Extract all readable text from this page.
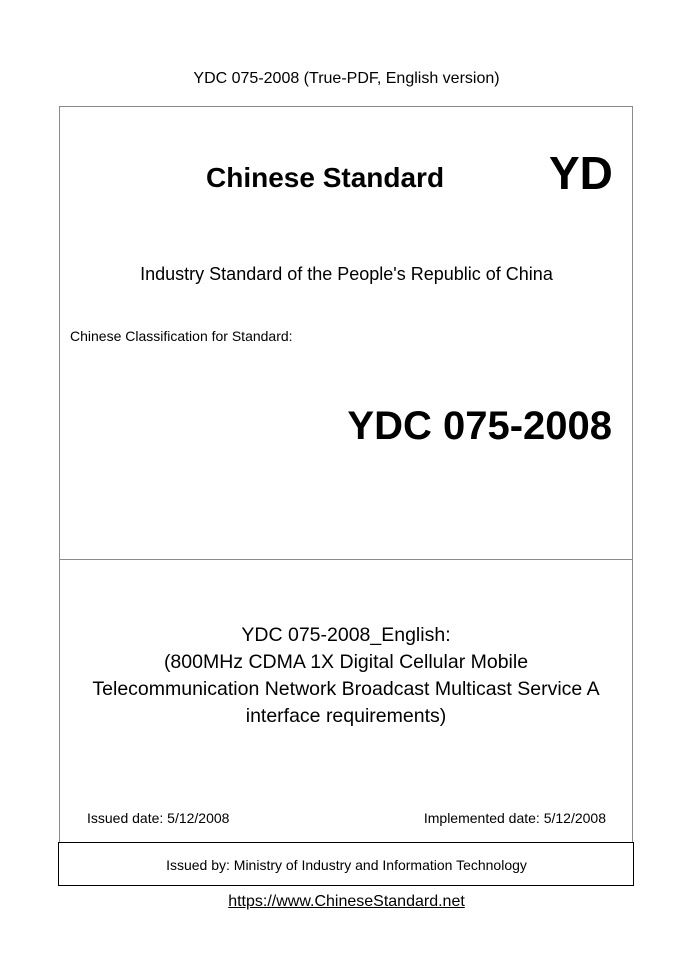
YDC 075-2008 (True-PDF, English version)
Chinese Standard YD
Industry Standard of the People's Republic of China
Chinese Classification for Standard:
YDC 075-2008
YDC 075-2008_English:
(800MHz CDMA 1X Digital Cellular Mobile
Telecommunication Network Broadcast Multicast Service A
interface requirements)
Issued date: 5/12/2008	Implemented date: 5/12/2008
Issued by: Ministry of Industry and Information Technology
https://www.ChineseStandard.net
